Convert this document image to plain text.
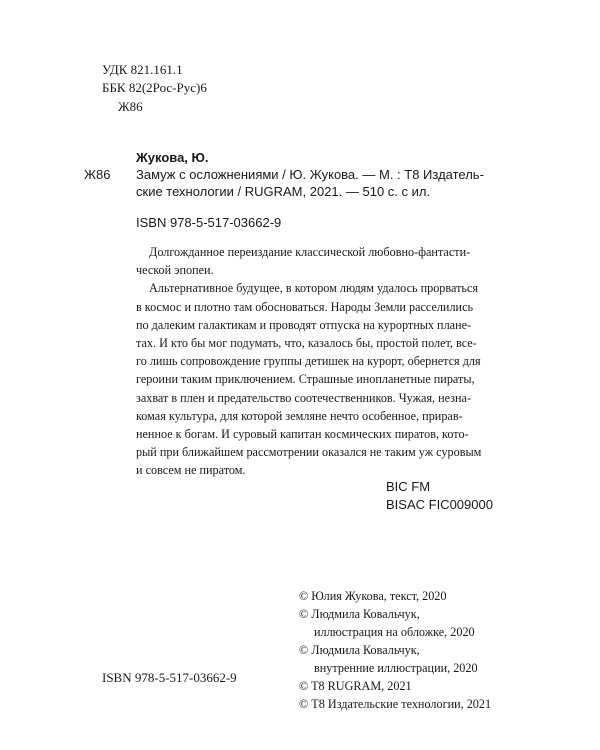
УДК 821.161.1
ББК 82(2Рос-Рус)6
Ж86
Жукова, Ю.
Ж86 Замуж с осложнениями / Ю. Жукова. — М. : Т8 Издатель-
ские технологии / RUGRAM, 2021. — 510 с. с ил.
ISBN 978-5-517-03662-9
Долгожданное переиздание классической любовно-фантасти-
ческой эпопеи.
Альтернативное будущее, в котором людям удалось прорваться
в космос и плотно там обосноваться. Народы Земли расселились
по далеким галактикам и проводят отпуска на курортных плане-
тах. И кто бы мог подумать, что, казалось бы, простой полет, все-
го лишь сопровождение группы детишек на курорт, обернется для
героини таким приключением. Страшные инопланетные пираты,
захват в плен и предательство соотечественников. Чужая, незна-
комая культура, для которой земляне нечто особенное, прирав-
ненное к богам. И суровый капитан космических пиратов, кото-
рый при ближайшем рассмотрении оказался не таким уж суровым
и совсем не пиратом.
BIC FM
BISAC FIC009000
ISBN 978-5-517-03662-9
© Юлия Жукова, текст, 2020
© Людмила Ковальчук,
иллюстрация на обложке, 2020
© Людмила Ковальчук,
внутренние иллюстрации, 2020
© T8 RUGRAM, 2021
© Т8 Издательские технологии, 2021
